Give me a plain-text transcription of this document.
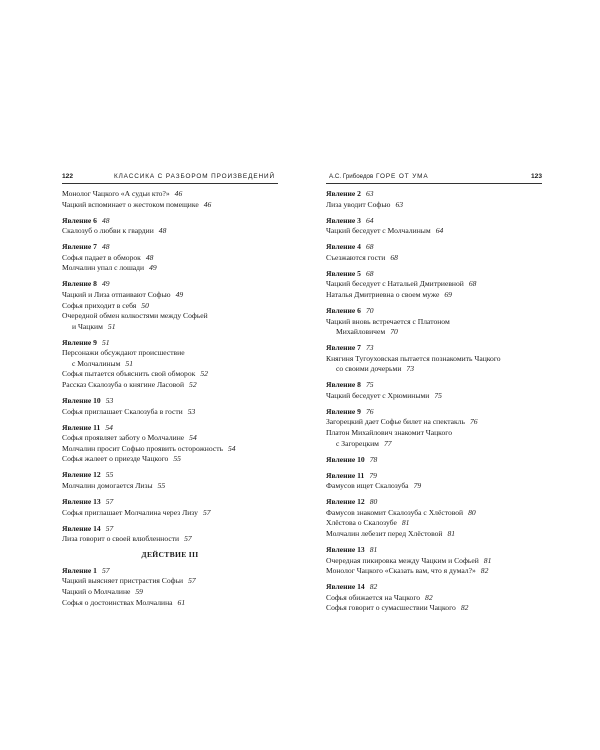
122	КЛАССИКА С РАЗБОРОМ ПРОИЗВЕДЕНИЙ

Монолог Чацкого «А судьи кто?» 46

Чацкий вспоминает о жестоком помещике 46

Явление 6 48

Скалозуб о любви к гвардии 48

Явление 7 48

Софья падает в обморок 48

Молчалин упал с лошади 49

Явление 8 49

Чацкий и Лиза отпаивают Софью 49

Софья приходит в себя 50

Очередной обмен колкостями между Софьей

и Чацким 51

Явление 9 51

Персонажи обсуждают происшествие

с Молчалиным 51

Софья пытается объяснить свой обморок 52

Рассказ Скалозуба о княгине Ласовой 52

Явление 10 53

Софья приглашает Скалозуба в гости 53

Явление 11 54

Софья проявляет заботу о Молчалине 54

Молчалин просит Софью проявить осторожность 54

Софья жалеет о приезде Чацкого 55

Явление 12 55

Молчалин домогается Лизы 55

Явление 13 57

Софья приглашает Молчалина через Лизу 57

Явление 14 57

Лиза говорит о своей влюбленности 57

ДЕЙСТВИЕ III

Явление 1 57

Чацкий выясняет пристрастия Софьи 57

Чацкий о Молчалине 59

Софья о достоинствах Молчалина 61

А.С. Грибоедов ГОРЕ ОТ УМА	123

Явление 2 63

Лиза уводит Софью 63

Явление 3 64

Чацкий беседует с Молчалиным 64

Явление 4 68

Съезжаются гости 68

Явление 5 68

Чацкий беседует с Натальей Дмитриевной 68

Наталья Дмитриевна о своем муже 69

Явление 6 70

Чацкий вновь встречается с Платоном

Михайловичем 70

Явление 7 73

Княгиня Тугоуховская пытается познакомить Чацкого

со своими дочерьми 73

Явление 8 75

Чацкий беседует с Хрюмиными 75

Явление 9 76

Загорецкий дает Софье билет на спектакль 76

Платон Михайлович знакомит Чацкого

с Загорецким 77

Явление 10 78

Явление 11 79

Фамусов ищет Скалозуба 79

Явление 12 80

Фамусов знакомит Скалозуба с Хлёстовой 80

Хлёстова о Скалозубе 81

Молчалин лебезит перед Хлёстовой 81

Явление 13 81

Очередная пикировка между Чацким и Софьей 81

Монолог Чацкого «Сказать вам, что я думал?» 82

Явление 14 82

Софья обижается на Чацкого 82

Софья говорит о сумасшествии Чацкого 82
